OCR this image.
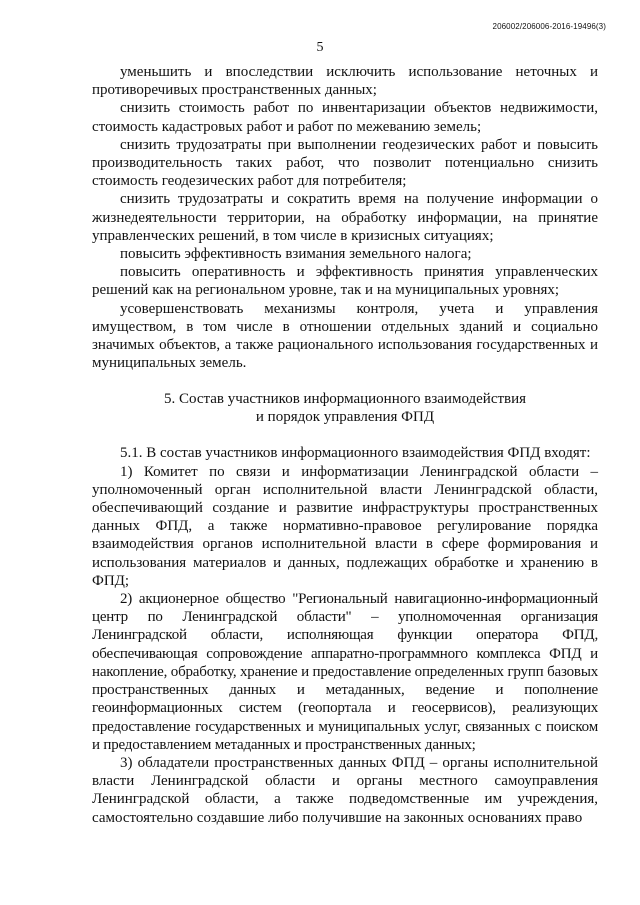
206002/206006-2016-19496(3)
5

уменьшить и впоследствии исключить использование неточных и противоречивых пространственных данных;

снизить стоимость работ по инвентаризации объектов недвижимости, стоимость кадастровых работ и работ по межеванию земель;

снизить трудозатраты при выполнении геодезических работ и повысить производительность таких работ, что позволит потенциально снизить стоимость геодезических работ для потребителя;

снизить трудозатраты и сократить время на получение информации о жизнедеятельности территории, на обработку информации, на принятие управленческих решений, в том числе в кризисных ситуациях;

повысить эффективность взимания земельного налога;

повысить оперативность и эффективность принятия управленческих решений как на региональном уровне, так и на муниципальных уровнях;

усовершенствовать механизмы контроля, учета и управления имуществом, в том числе в отношении отдельных зданий и социально значимых объектов, а также рационального использования государственных и муниципальных земель.

5. Состав участников информационного взаимодействия
и порядок управления ФПД

5.1. В состав участников информационного взаимодействия ФПД входят:

1) Комитет по связи и информатизации Ленинградской области – уполномоченный орган исполнительной власти Ленинградской области, обеспечивающий создание и развитие инфраструктуры пространственных данных ФПД, а также нормативно-правовое регулирование порядка взаимодействия органов исполнительной власти в сфере формирования и использования материалов и данных, подлежащих обработке и хранению в ФПД;

2) акционерное общество "Региональный навигационно-информационный центр по Ленинградской области" – уполномоченная организация Ленинградской области, исполняющая функции оператора ФПД, обеспечивающая сопровождение аппаратно-программного комплекса ФПД и накопление, обработку, хранение и предоставление определенных групп базовых пространственных данных и метаданных, ведение и пополнение геоинформационных систем (геопортала и геосервисов), реализующих предоставление государственных и муниципальных услуг, связанных с поиском и предоставлением метаданных и пространственных данных;

3) обладатели пространственных данных ФПД – органы исполнительной власти Ленинградской области и органы местного самоуправления Ленинградской области, а также подведомственные им учреждения, самостоятельно создавшие либо получившие на законных основаниях право
